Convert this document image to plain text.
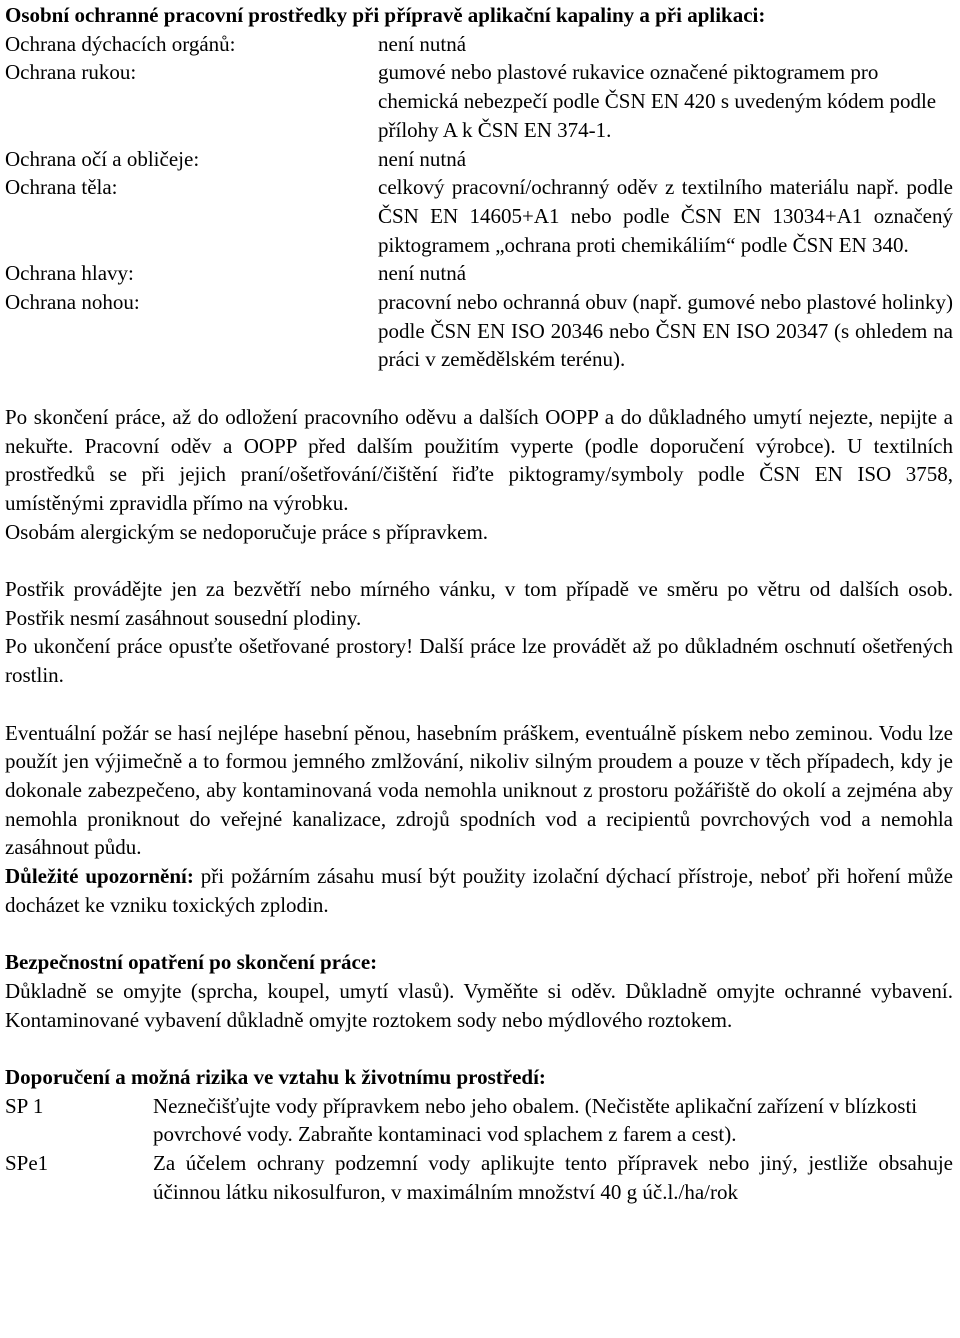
Osobní ochranné pracovní prostředky při přípravě aplikační kapaliny a při aplikaci:

Ochrana dýchacích orgánů:	není nutná
Ochrana rukou:	gumové nebo plastové rukavice označené piktogramem pro chemická nebezpečí podle ČSN EN 420 s uvedeným kódem podle přílohy A k ČSN EN 374-1.
Ochrana očí a obličeje:	není nutná
Ochrana těla:	celkový pracovní/ochranný oděv z textilního materiálu např. podle ČSN EN 14605+A1 nebo podle ČSN EN 13034+A1 označený piktogramem „ochrana proti chemikáliím“ podle ČSN EN 340.
Ochrana hlavy:	není nutná
Ochrana nohou:	pracovní nebo ochranná obuv (např. gumové nebo plastové holinky) podle ČSN EN ISO 20346 nebo ČSN EN ISO 20347 (s ohledem na práci v zemědělském terénu).

Po skončení práce, až do odložení pracovního oděvu a dalších OOPP a do důkladného umytí nejezte, nepijte a nekuřte. Pracovní oděv a OOPP před dalším použitím vyperte (podle doporučení výrobce). U textilních prostředků se při jejich praní/ošetřování/čištění řiďte piktogramy/symboly podle ČSN EN ISO 3758, umístěnými zpravidla přímo na výrobku.

Osobám alergickým se nedoporučuje práce s přípravkem.

Postřik provádějte jen za bezvětří nebo mírného vánku, v tom případě ve směru po větru od dalších osob. Postřik nesmí zasáhnout sousední plodiny.

Po ukončení práce opusťte ošetřované prostory! Další práce lze provádět až po důkladném oschnutí ošetřených rostlin.

Eventuální požár se hasí nejlépe hasební pěnou, hasebním práškem, eventuálně pískem nebo zeminou. Vodu lze použít jen výjimečně a to formou jemného zmlžování, nikoliv silným proudem a pouze v těch případech, kdy je dokonale zabezpečeno, aby kontaminovaná voda nemohla uniknout z prostoru požářiště do okolí a zejména aby nemohla proniknout do veřejné kanalizace, zdrojů spodních vod a recipientů povrchových vod a nemohla zasáhnout půdu.

Důležité upozornění: při požárním zásahu musí být použity izolační dýchací přístroje, neboť při hoření může docházet ke vzniku toxických zplodin.

Bezpečnostní opatření po skončení práce:

Důkladně se omyjte (sprcha, koupel, umytí vlasů). Vyměňte si oděv. Důkladně omyjte ochranné vybavení. Kontaminované vybavení důkladně omyjte roztokem sody nebo mýdlového roztokem.

Doporučení a možná rizika ve vztahu k životnímu prostředí:

SP 1	Neznečišťujte vody přípravkem nebo jeho obalem. (Nečistěte aplikační zařízení v blízkosti povrchové vody. Zabraňte kontaminaci vod splachem z farem a cest).
SPe1	Za účelem ochrany podzemní vody aplikujte tento přípravek nebo jiný, jestliže obsahuje účinnou látku nikosulfuron, v maximálním množství 40 g úč.l./ha/rok
